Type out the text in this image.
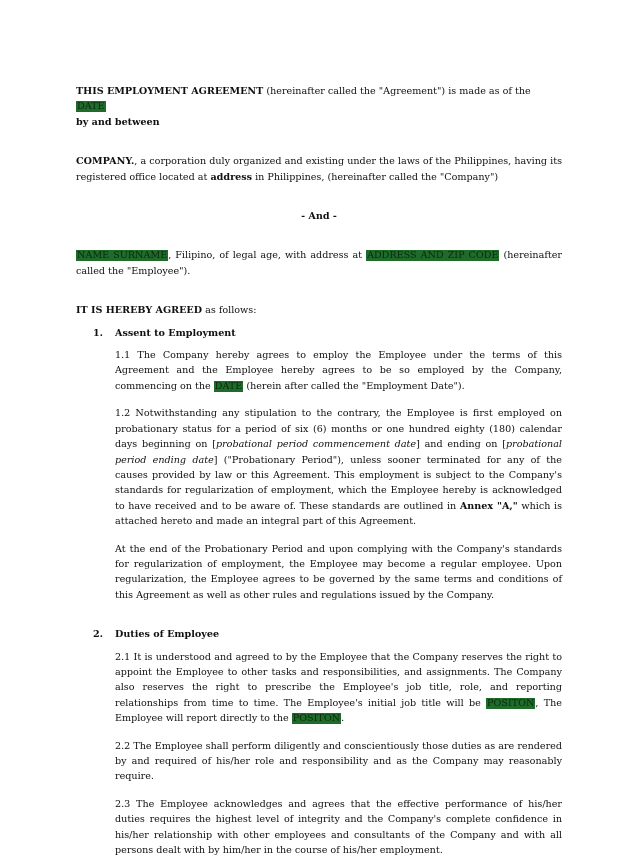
THIS EMPLOYMENT AGREEMENT (hereinafter called the "Agreement") is made as of the DATE

by and between

COMPANY., a corporation duly organized and existing under the laws of the Philippines, having its registered office located at address in Philippines, (hereinafter called the "Company")

- And -

NAME SURNAME, Filipino, of legal age, with address at ADDRESS AND ZIP CODE (hereinafter called the "Employee").

IT IS HEREBY AGREED as follows:

1. Assent to Employment

1.1 The Company hereby agrees to employ the Employee under the terms of this Agreement and the Employee hereby agrees to be so employed by the Company, commencing on the DATE (herein after called the "Employment Date").

1.2 Notwithstanding any stipulation to the contrary, the Employee is first employed on probationary status for a period of six (6) months or one hundred eighty (180) calendar days beginning on [probational period commencement date] and ending on [probational period ending date] ("Probationary Period"), unless sooner terminated for any of the causes provided by law or this Agreement. This employment is subject to the Company's standards for regularization of employment, which the Employee hereby is acknowledged to have received and to be aware of. These standards are outlined in Annex "A," which is attached hereto and made an integral part of this Agreement.

At the end of the Probationary Period and upon complying with the Company's standards for regularization of employment, the Employee may become a regular employee. Upon regularization, the Employee agrees to be governed by the same terms and conditions of this Agreement as well as other rules and regulations issued by the Company.

2. Duties of Employee

2.1 It is understood and agreed to by the Employee that the Company reserves the right to appoint the Employee to other tasks and responsibilities, and assignments. The Company also reserves the right to prescribe the Employee's job title, role, and reporting relationships from time to time. The Employee's initial job title will be POSITON, The Employee will report directly to the POSITON.

2.2 The Employee shall perform diligently and conscientiously those duties as are rendered by and required of his/her role and responsibility and as the Company may reasonably require.

2.3 The Employee acknowledges and agrees that the effective performance of his/her duties requires the highest level of integrity and the Company's complete confidence in his/her relationship with other employees and consultants of the Company and with all persons dealt with by him/her in the course of his/her employment.
